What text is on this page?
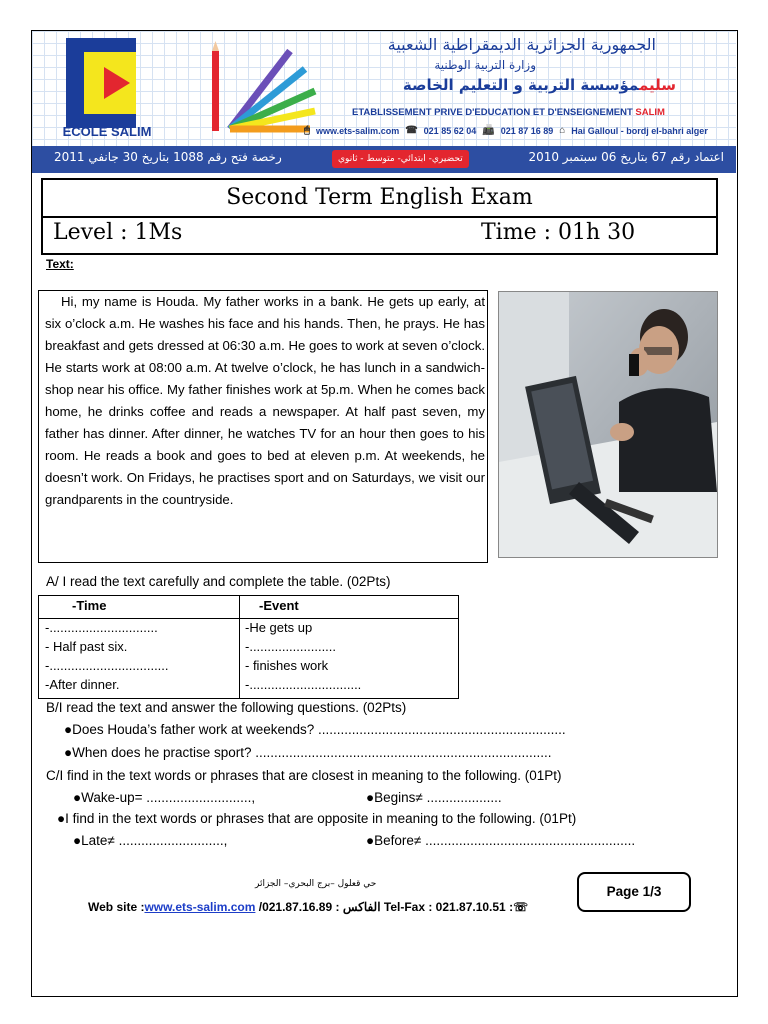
ECOLE SALIM
الجمهورية الجزائرية الديمقراطية الشعبية
وزارة التربية الوطنية
سليممؤسسة التربية و التعليم الخاصة
ETABLISSEMENT PRIVE D'EDUCATION ET D'ENSEIGNEMENT SALIM
🖱 www.ets-salim.com ☎ 021 85 62 04 📠 021 87 16 89 ⌂ Hai Galloul - bordj el-bahri alger
رخصة فتح رقم 1088 بتاريخ 30 جانفي 2011	تحضيري- ابتدائي- متوسط - ثانوي	اعتماد رقم 67 بتاريخ 06 سبتمبر 2010
Second Term English Exam
Level : 1Ms	Time : 01h 30
Text:
Hi, my name is Houda. My father works in a bank. He gets up early, at six o’clock a.m. He washes his face and his hands. Then, he prays. He has breakfast and gets dressed at 06:30 a.m. He goes to work at seven o’clock. He starts work at 08:00 a.m. At twelve o’clock, he has lunch in a sandwich-shop near his office. My father finishes work at 5p.m. When he comes back home, he drinks coffee and reads a newspaper. At half past seven, my father has dinner. After dinner, he watches TV for an hour then goes to his room. He reads a book and goes to bed at eleven p.m. At weekends, he doesn’t work. On Fridays, he practises sport and on Saturdays, we visit our grandparents in the countryside.
A/ I read the text carefully and complete the table. (02Pts)
-Time	-Event
-..............................	-He gets up
- Half past six.	-........................
-.................................	- finishes work
-After dinner.	-...............................
B/I read the text and answer the following questions. (02Pts)
●Does Houda’s father work at weekends? ..................................................................
●When does he practise sport? ...............................................................................
C/I find in the text words or phrases that are closest in meaning to the following. (01Pt)
●Wake-up= ............................,	●Begins≠ ....................
●I find in the text words or phrases that are opposite in meaning to the following. (01Pt)
●Late≠ ............................,	●Before≠ ........................................................
Page 1/3
حي قعلول –برج البحري– الجزائر
Web site :www.ets-salim.com /021.87.16.89 : الفاكس Tel-Fax : 021.87.10.51 :☏
